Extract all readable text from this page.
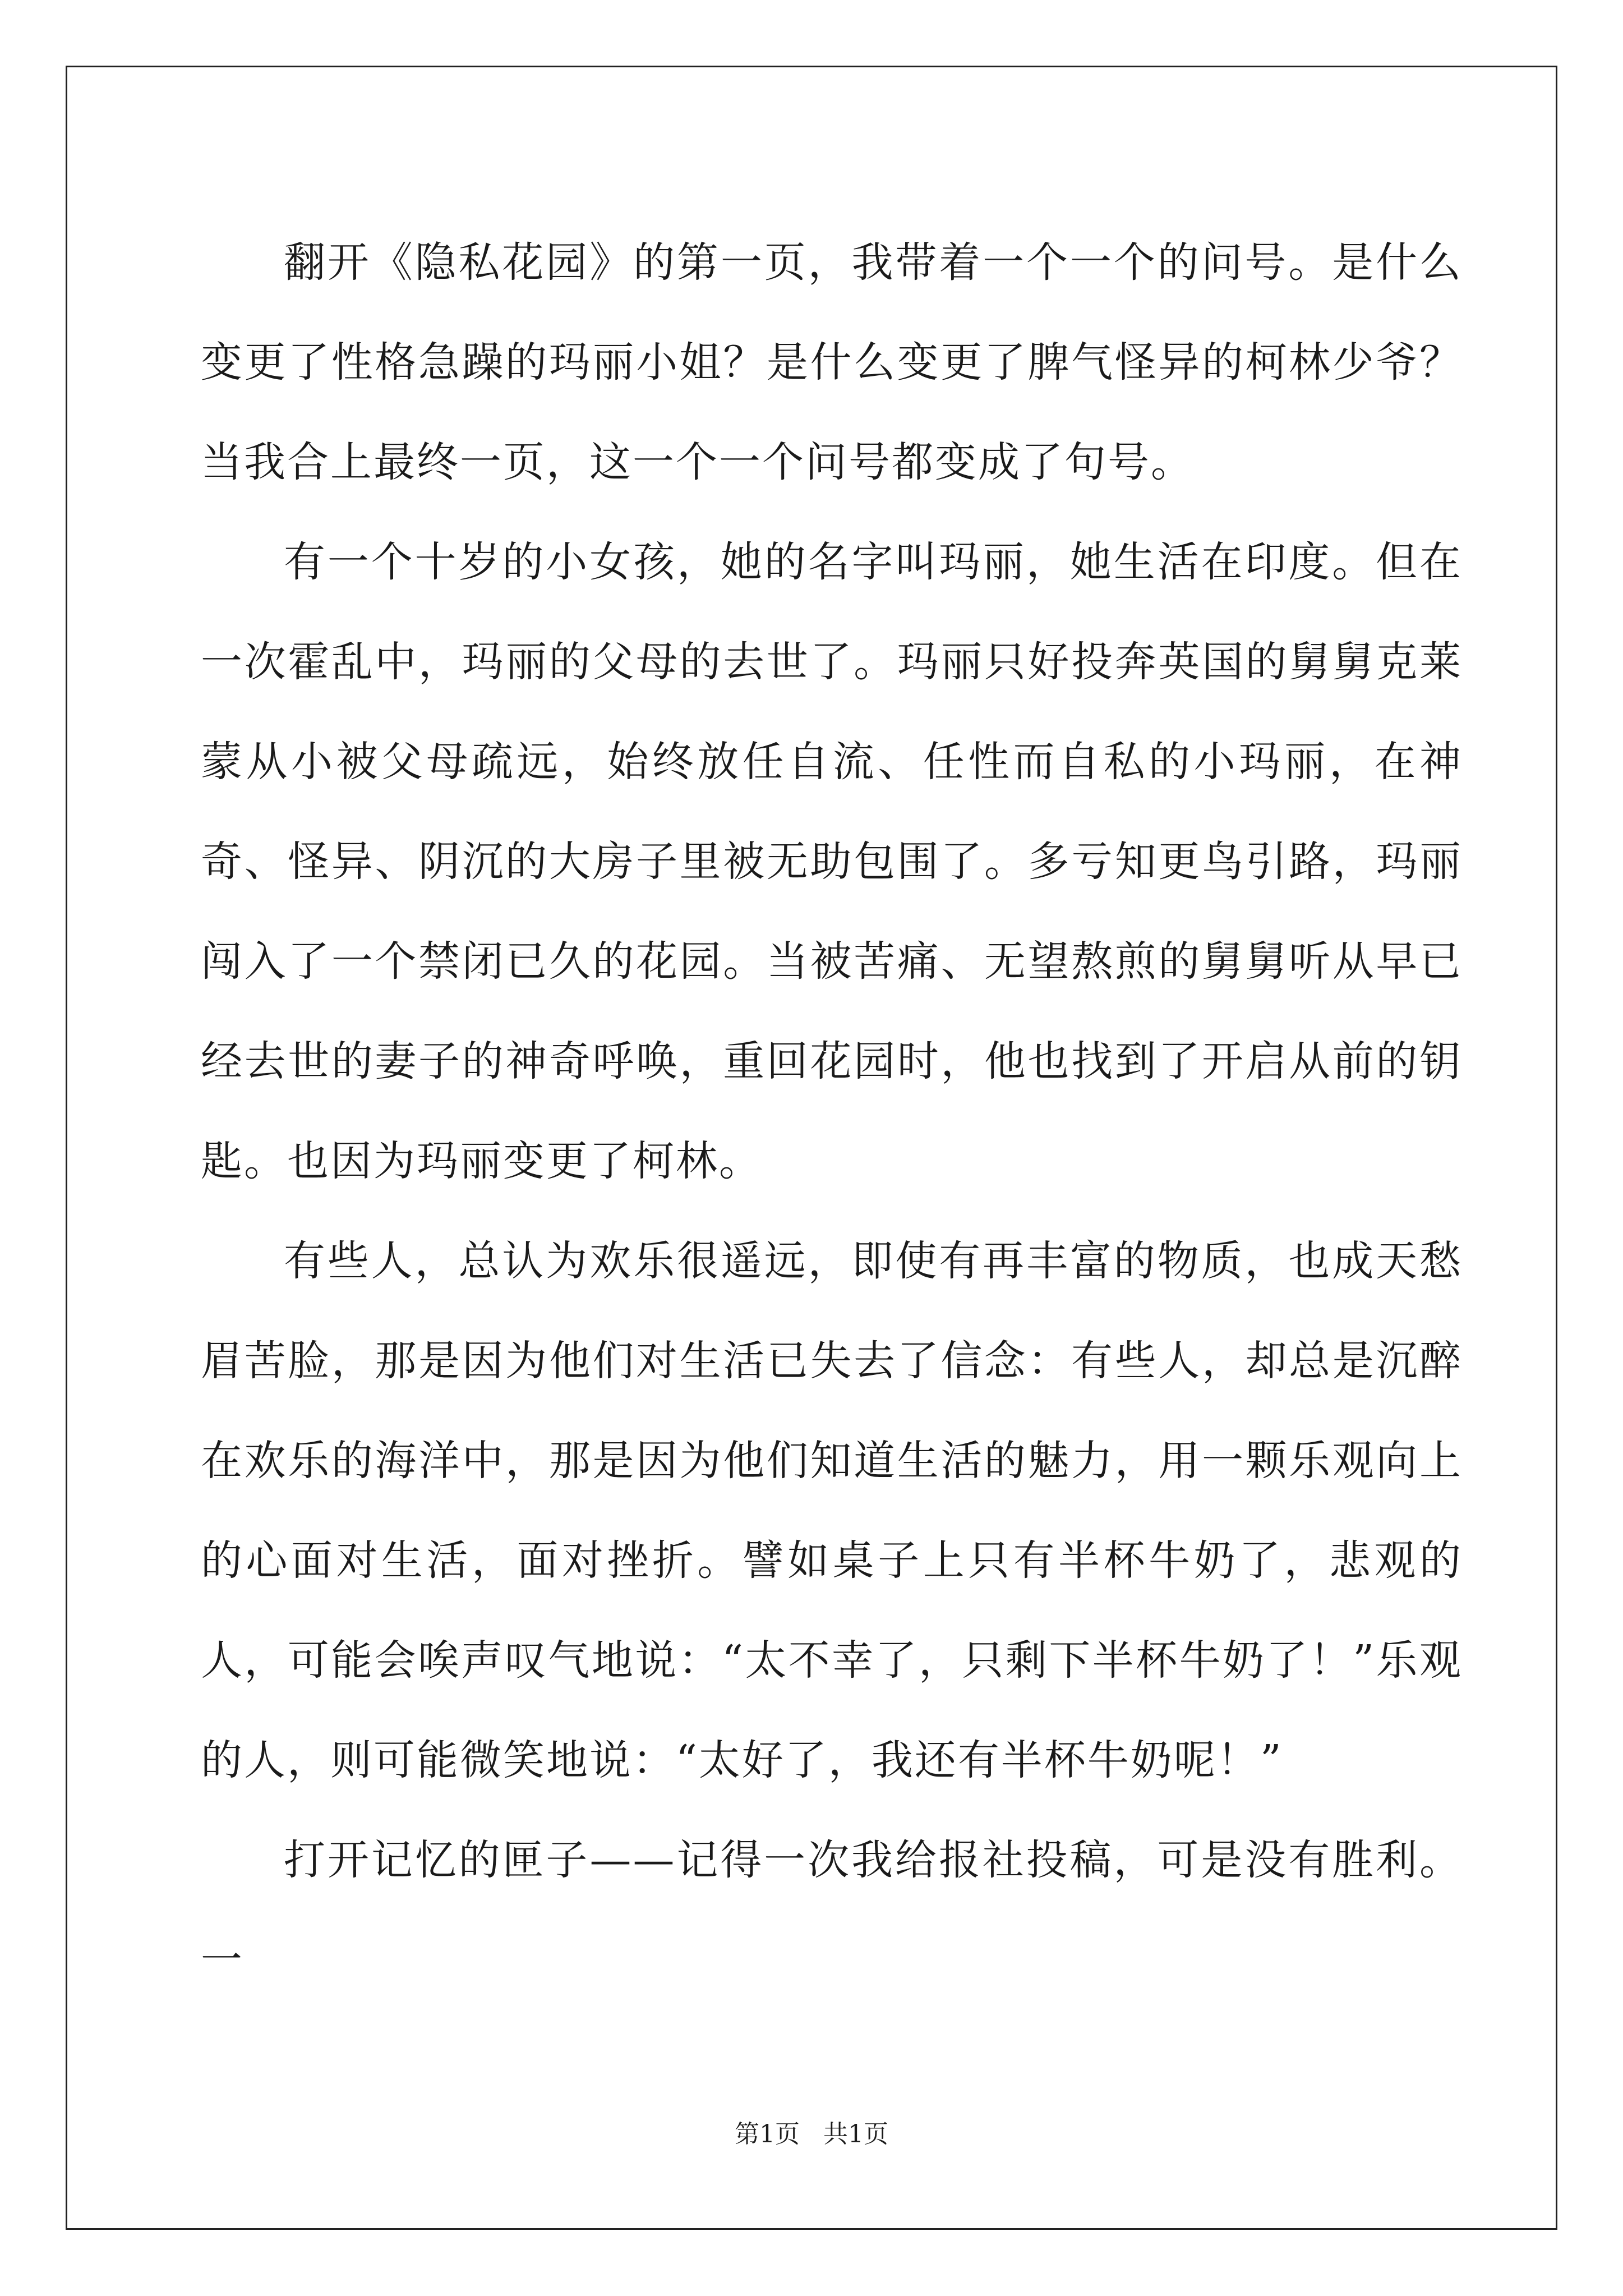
翻开《隐私花园》的第一页，我带着一个一个的问号。是什么变更了性格急躁的玛丽小姐？是什么变更了脾气怪异的柯林少爷？当我合上最终一页，这一个一个问号都变成了句号。

有一个十岁的小女孩，她的名字叫玛丽，她生活在印度。但在一次霍乱中，玛丽的父母的去世了。玛丽只好投奔英国的舅舅克莱蒙从小被父母疏远，始终放任自流、任性而自私的小玛丽，在神奇、怪异、阴沉的大房子里被无助包围了。多亏知更鸟引路，玛丽闯入了一个禁闭已久的花园。当被苦痛、无望熬煎的舅舅听从早已经去世的妻子的神奇呼唤，重回花园时，他也找到了开启从前的钥匙。也因为玛丽变更了柯林。

有些人，总认为欢乐很遥远，即使有再丰富的物质，也成天愁眉苦脸，那是因为他们对生活已失去了信念：有些人，却总是沉醉在欢乐的海洋中，那是因为他们知道生活的魅力，用一颗乐观向上的心面对生活，面对挫折。譬如桌子上只有半杯牛奶了，悲观的人，可能会唉声叹气地说：“太不幸了，只剩下半杯牛奶了！”乐观的人，则可能微笑地说：“太好了，我还有半杯牛奶呢！”

打开记忆的匣子——记得一次我给报社投稿，可是没有胜利。一

第1页   共1页
